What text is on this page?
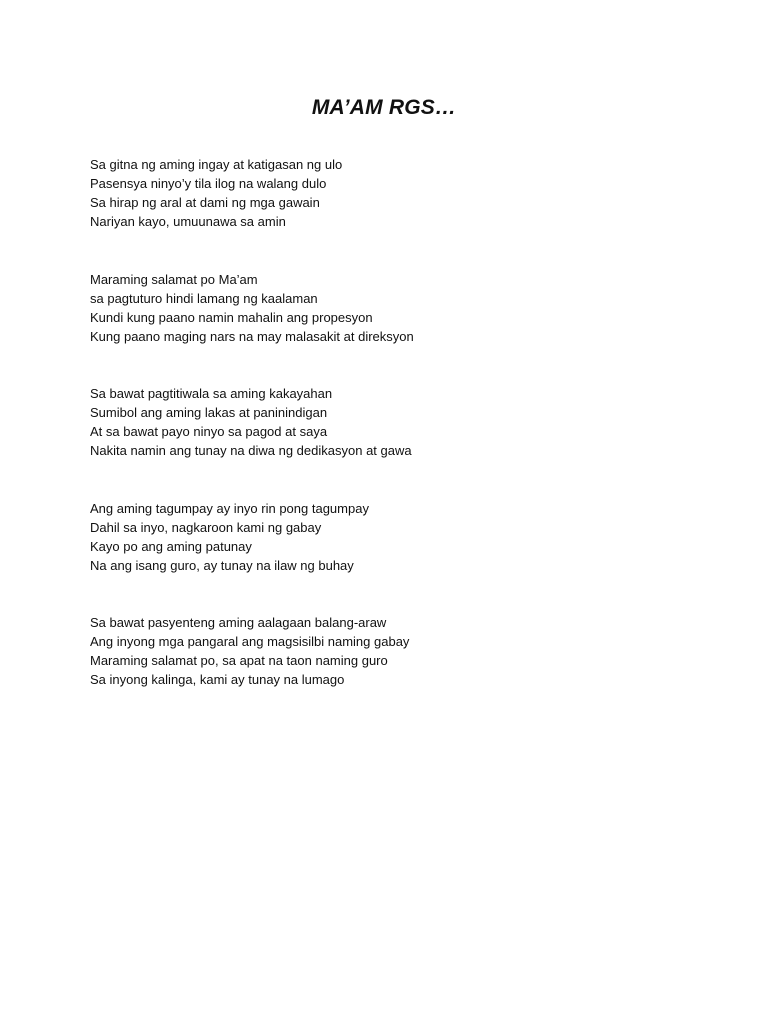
MA’AM RGS…
Sa gitna ng aming ingay at katigasan ng ulo
Pasensya ninyo’y tila ilog na walang dulo
Sa hirap ng aral at dami ng mga gawain
Nariyan kayo, umuunawa sa amin
Maraming salamat po Ma’am
sa pagtuturo hindi lamang ng kaalaman
Kundi kung paano namin mahalin ang propesyon
Kung paano maging nars na may malasakit at direksyon
Sa bawat pagtitiwala sa aming kakayahan
Sumibol ang aming lakas at paninindigan
At sa bawat payo ninyo sa pagod at saya
Nakita namin ang tunay na diwa ng dedikasyon at gawa
Ang aming tagumpay ay inyo rin pong tagumpay
Dahil sa inyo, nagkaroon kami ng gabay
Kayo po ang aming patunay
Na ang isang guro, ay tunay na ilaw ng buhay
Sa bawat pasyenteng aming aalagaan balang-araw
Ang inyong mga pangaral ang magsisilbi naming gabay
Maraming salamat po, sa apat na taon naming guro
Sa inyong kalinga, kami ay tunay na lumago
